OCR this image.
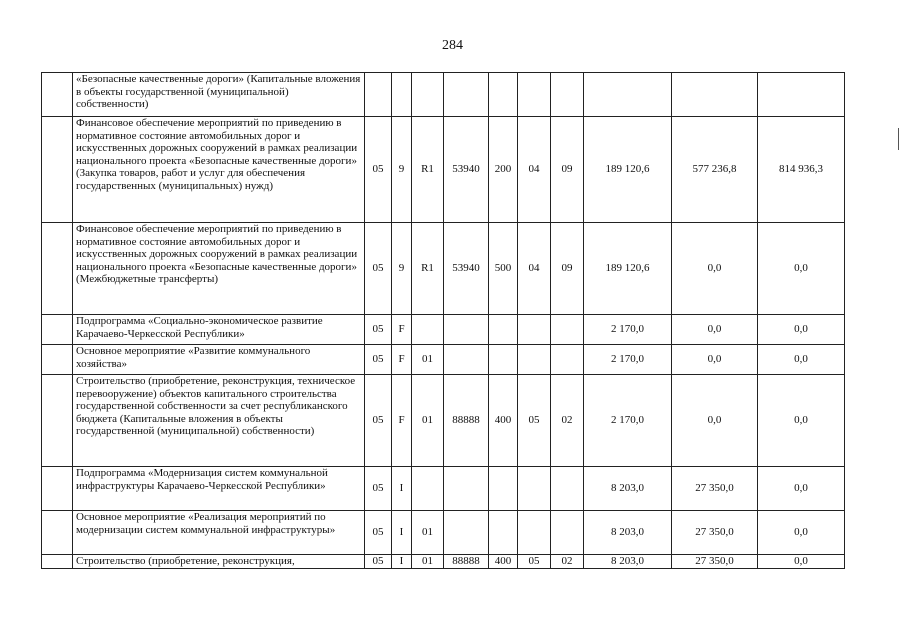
284
	«Безопасные качественные дороги» (Капитальные вложения в объекты государственной (муниципальной) собственности)										
	Финансовое обеспечение мероприятий по приведению в нормативное состояние автомобильных дорог и искусственных дорожных сооружений в рамках реализации национального проекта «Безопасные качественные дороги» (Закупка товаров, работ и услуг для обеспечения государственных (муниципальных) нужд)	05	9	R1	53940	200	04	09	189 120,6	577 236,8	814 936,3
	Финансовое обеспечение мероприятий по приведению в нормативное состояние автомобильных дорог и искусственных дорожных сооружений в рамках реализации национального проекта «Безопасные качественные дороги» (Межбюджетные трансферты)	05	9	R1	53940	500	04	09	189 120,6	0,0	0,0
	Подпрограмма «Социально-экономическое развитие Карачаево-Черкесской Республики»	05	F						2 170,0	0,0	0,0
	Основное мероприятие «Развитие коммунального хозяйства»	05	F	01					2 170,0	0,0	0,0
	Строительство (приобретение, реконструкция, техническое перевооружение) объектов капитального строительства государственной собственности за счет республиканского бюджета (Капитальные вложения в объекты государственной (муниципальной) собственности)	05	F	01	88888	400	05	02	2 170,0	0,0	0,0
	Подпрограмма «Модернизация систем коммунальной инфраструктуры Карачаево-Черкесской Республики»	05	I						8 203,0	27 350,0	0,0
	Основное мероприятие «Реализация мероприятий по модернизации систем коммунальной инфраструктуры»	05	I	01					8 203,0	27 350,0	0,0
	Строительство (приобретение, реконструкция,	05	I	01	88888	400	05	02	8 203,0	27 350,0	0,0
